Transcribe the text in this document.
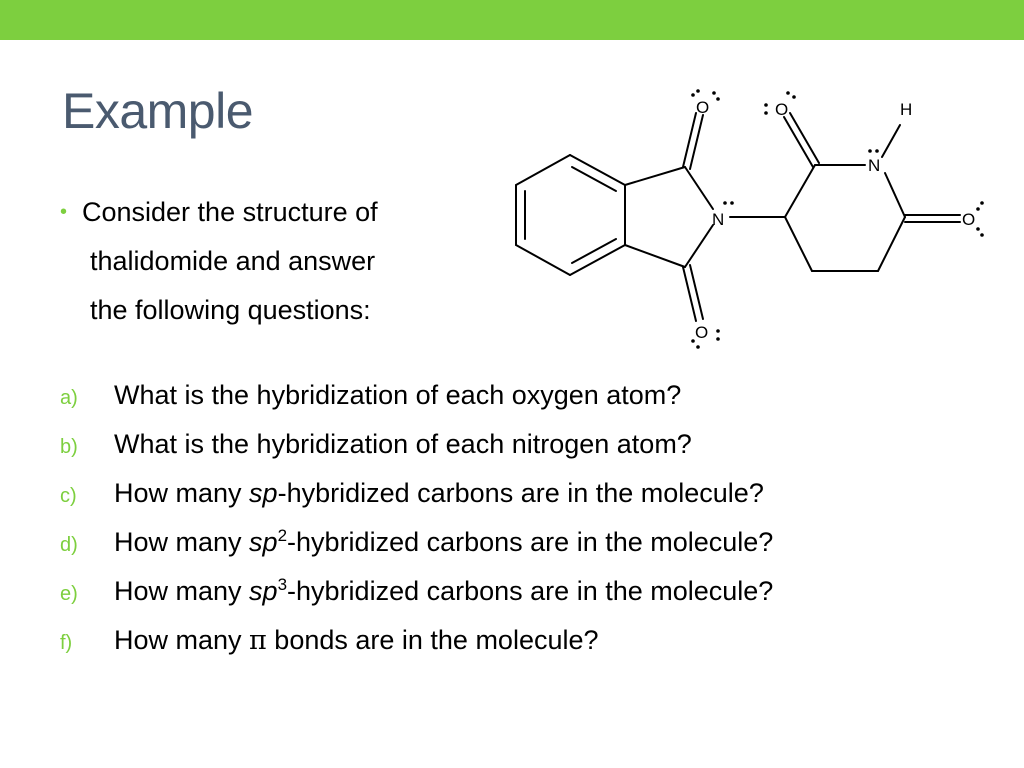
Example
• Consider the structure of
thalidomide and answer
the following questions:
O	O	H
N
N	O
O
a)	What is the hybridization of each oxygen atom?
b)	What is the hybridization of each nitrogen atom?
c)	How many sp-hybridized carbons are in the molecule?
d)	How many $sp^2$-hybridized carbons are in the molecule?
e)	How many $sp^3$-hybridized carbons are in the molecule?
f)	How many π bonds are in the molecule?
